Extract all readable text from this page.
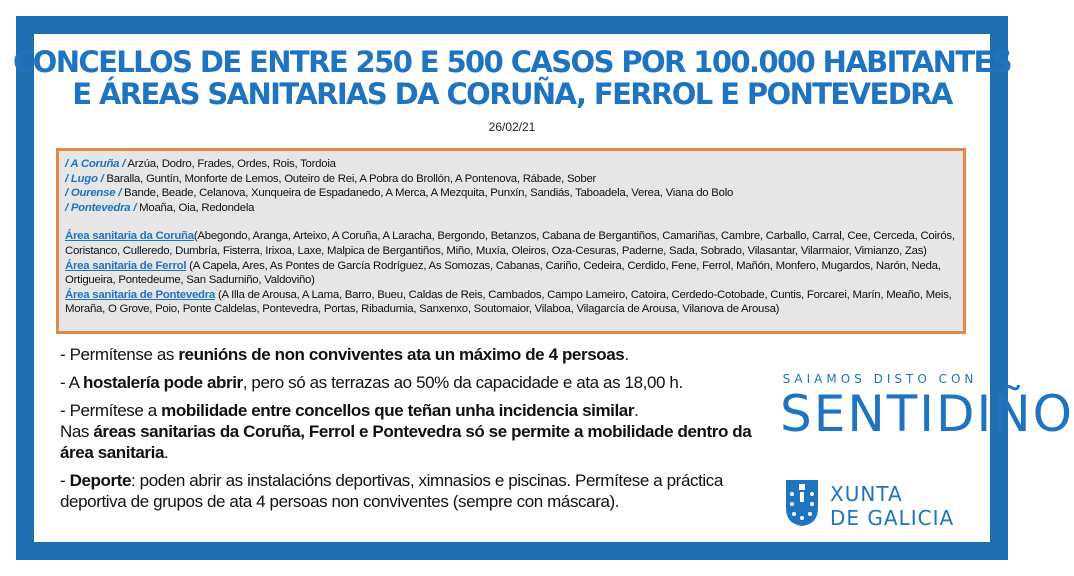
CONCELLOS DE ENTRE 250 E 500 CASOS POR 100.000 HABITANTES
E ÁREAS SANITARIAS DA CORUÑA, FERROL E PONTEVEDRA
26/02/21
/ A Coruña / Arzúa, Dodro, Frades, Ordes, Rois, Tordoia
/ Lugo / Baralla, Guntín, Monforte de Lemos, Outeiro de Rei, A Pobra do Brollón, A Pontenova, Rábade, Sober
/ Ourense / Bande, Beade, Celanova, Xunqueira de Espadanedo, A Merca, A Mezquita, Punxín, Sandiás, Taboadela, Verea, Viana do Bolo
/ Pontevedra / Moaña, Oia, Redondela
Área sanitaria da Coruña(Abegondo, Aranga, Arteixo, A Coruña, A Laracha, Bergondo, Betanzos, Cabana de Bergantiños, Camariñas, Cambre, Carballo, Carral, Cee, Cerceda, Coirós, Coristanco, Culleredo, Dumbría, Fisterra, Irixoa, Laxe, Malpica de Bergantiños, Miño, Muxía, Oleiros, Oza-Cesuras, Paderne, Sada, Sobrado, Vilasantar, Vilarmaior, Vimianzo, Zas)
Área sanitaria de Ferrol (A Capela, Ares, As Pontes de García Rodríguez, As Somozas, Cabanas, Cariño, Cedeira, Cerdido, Fene, Ferrol, Mañón, Monfero, Mugardos, Narón, Neda, Ortigueira, Pontedeume, San Sadurniño, Valdoviño)
Área sanitaria de Pontevedra (A Illa de Arousa, A Lama, Barro, Bueu, Caldas de Reis, Cambados, Campo Lameiro, Catoira, Cerdedo-Cotobade, Cuntis, Forcarei, Marín, Meaño, Meis, Moraña, O Grove, Poio, Ponte Caldelas, Pontevedra, Portas, Ribadumia, Sanxenxo, Soutomaior, Vilaboa, Vilagarcía de Arousa, Vilanova de Arousa)

- Permítense as reunións de non conviventes ata un máximo de 4 persoas.

- A hostalería pode abrir, pero só as terrazas ao 50% da capacidade e ata as 18,00 h.

- Permítese a mobilidade entre concellos que teñan unha incidencia similar.
Nas áreas sanitarias da Coruña, Ferrol e Pontevedra só se permite a mobilidade dentro da área sanitaria.

- Deporte: poden abrir as instalacións deportivas, ximnasios e piscinas. Permítese a práctica deportiva de grupos de ata 4 persoas non conviventes (sempre con máscara).

SAIAMOS DISTO CON
SENTIDIÑO
XUNTA
DE GALICIA
